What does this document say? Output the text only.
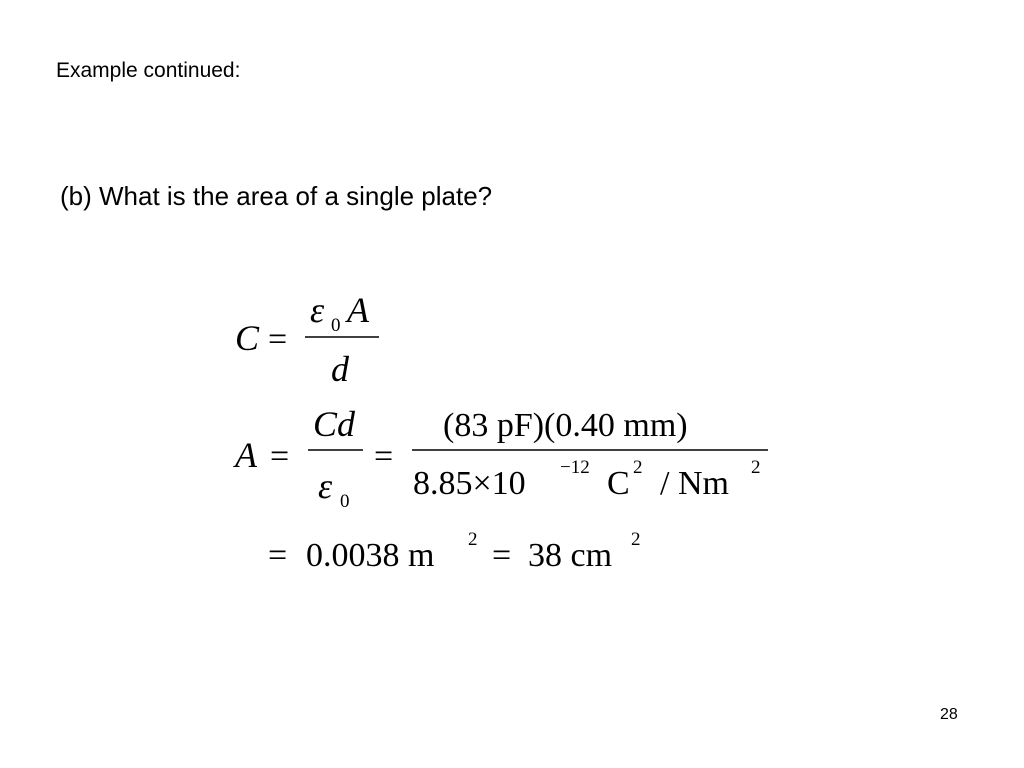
Example continued:
(b) What is the area of a single plate?
C =
ε 0 A
d
A =
Cd
ε 0
=
(83 pF)(0.40 mm)
8.85×10 −12 C 2 / Nm 2
= 0.0038 m 2 = 38 cm 2
28
